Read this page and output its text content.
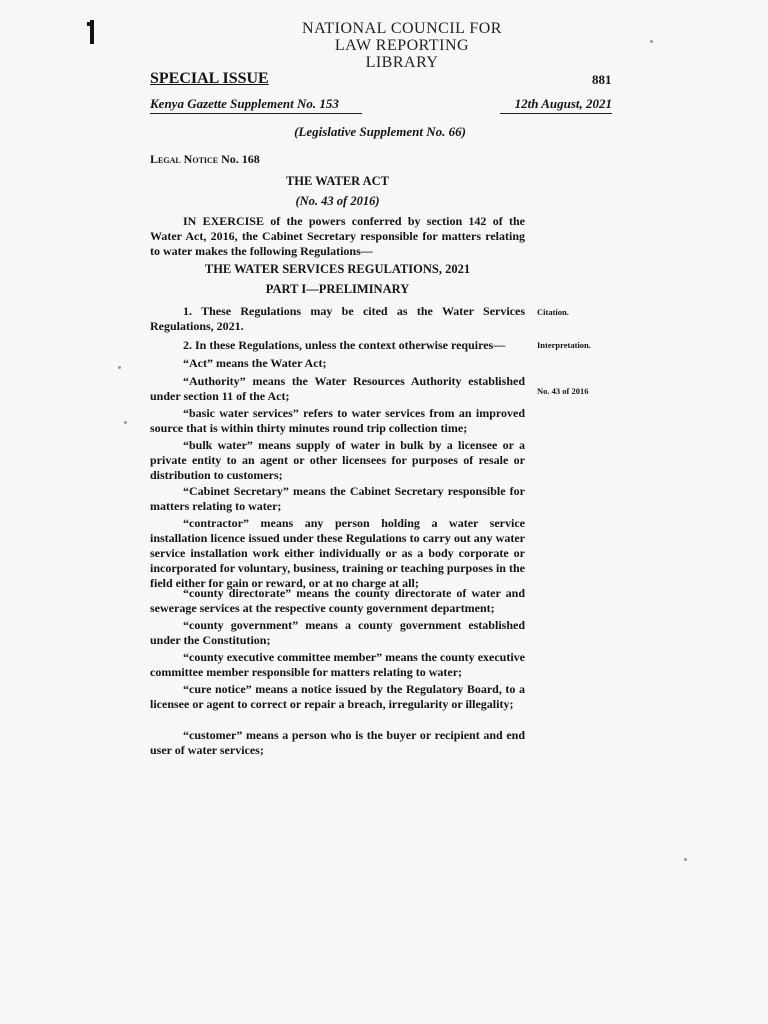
NATIONAL COUNCIL FOR
LAW REPORTING
LIBRARY
SPECIAL ISSUE	881
Kenya Gazette Supplement No. 153	12th August, 2021
(Legislative Supplement No. 66)
Legal Notice No. 168
THE WATER ACT
(No. 43 of 2016)
IN EXERCISE of the powers conferred by section 142 of the Water Act, 2016, the Cabinet Secretary responsible for matters relating to water makes the following Regulations—
THE WATER SERVICES REGULATIONS, 2021
PART I—PRELIMINARY
1. These Regulations may be cited as the Water Services Regulations, 2021.
2. In these Regulations, unless the context otherwise requires—
“Act” means the Water Act;
“Authority” means the Water Resources Authority established under section 11 of the Act;
“basic water services” refers to water services from an improved source that is within thirty minutes round trip collection time;
“bulk water” means supply of water in bulk by a licensee or a private entity to an agent or other licensees for purposes of resale or distribution to customers;
“Cabinet Secretary” means the Cabinet Secretary responsible for matters relating to water;
“contractor” means any person holding a water service installation licence issued under these Regulations to carry out any water service installation work either individually or as a body corporate or incorporated for voluntary, business, training or teaching purposes in the field either for gain or reward, or at no charge at all;
“county directorate” means the county directorate of water and sewerage services at the respective county government department;
“county government” means a county government established under the Constitution;
“county executive committee member” means the county executive committee member responsible for matters relating to water;
“cure notice” means a notice issued by the Regulatory Board, to a licensee or agent to correct or repair a breach, irregularity or illegality;
“customer” means a person who is the buyer or recipient and end user of water services;
Citation.
Interpretation.
No. 43 of 2016
